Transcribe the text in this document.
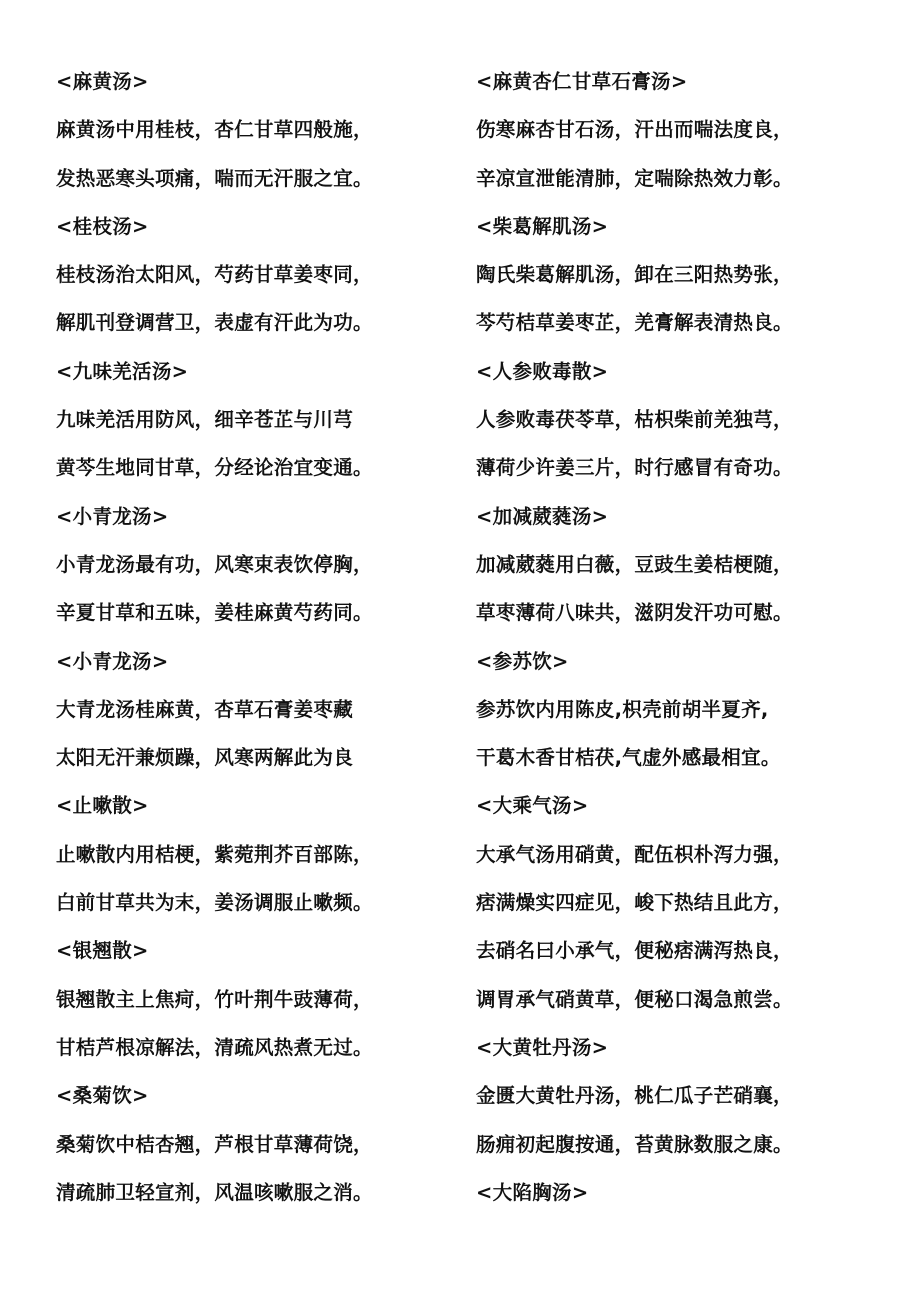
<麻黄汤>
麻黄汤中用桂枝，杏仁甘草四般施，
发热恶寒头项痛，喘而无汗服之宜。
<桂枝汤>
桂枝汤治太阳风，芍药甘草姜枣同，
解肌刊登调营卫，表虚有汗此为功。
<九味羌活汤>
九味羌活用防风，细辛苍芷与川芎
黄芩生地同甘草，分经论治宜变通。
<小青龙汤>
小青龙汤最有功，风寒束表饮停胸，
辛夏甘草和五味，姜桂麻黄芍药同。
<小青龙汤>
大青龙汤桂麻黄，杏草石膏姜枣藏
太阳无汗兼烦躁，风寒两解此为良
<止嗽散>
止嗽散内用桔梗，紫菀荆芥百部陈，
白前甘草共为末，姜汤调服止嗽频。
<银翘散>
银翘散主上焦疴，竹叶荆牛豉薄荷，
甘桔芦根凉解法，清疏风热煮无过。
<桑菊饮>
桑菊饮中桔杏翘，芦根甘草薄荷饶，
清疏肺卫轻宣剂，风温咳嗽服之消。
<麻黄杏仁甘草石膏汤>
伤寒麻杏甘石汤，汗出而喘法度良，
辛凉宣泄能清肺，定喘除热效力彰。
<柴葛解肌汤>
陶氏柴葛解肌汤，卸在三阳热势张，
芩芍桔草姜枣芷，羌膏解表清热良。
<人参败毒散>
人参败毒茯苓草，枯枳柴前羌独芎，
薄荷少许姜三片，时行感冒有奇功。
<加减葳蕤汤>
加减葳蕤用白薇，豆豉生姜桔梗随，
草枣薄荷八味共，滋阴发汗功可慰。
<参苏饮>
参苏饮内用陈皮,枳壳前胡半夏齐,
干葛木香甘桔茯,气虚外感最相宜。
<大乘气汤>
大承气汤用硝黄，配伍枳朴泻力强，
痞满燥实四症见，峻下热结且此方，
去硝名曰小承气，便秘痞满泻热良，
调胃承气硝黄草，便秘口渴急煎尝。
<大黄牡丹汤>
金匮大黄牡丹汤，桃仁瓜子芒硝襄，
肠痈初起腹按通，苔黄脉数服之康。
<大陷胸汤>
